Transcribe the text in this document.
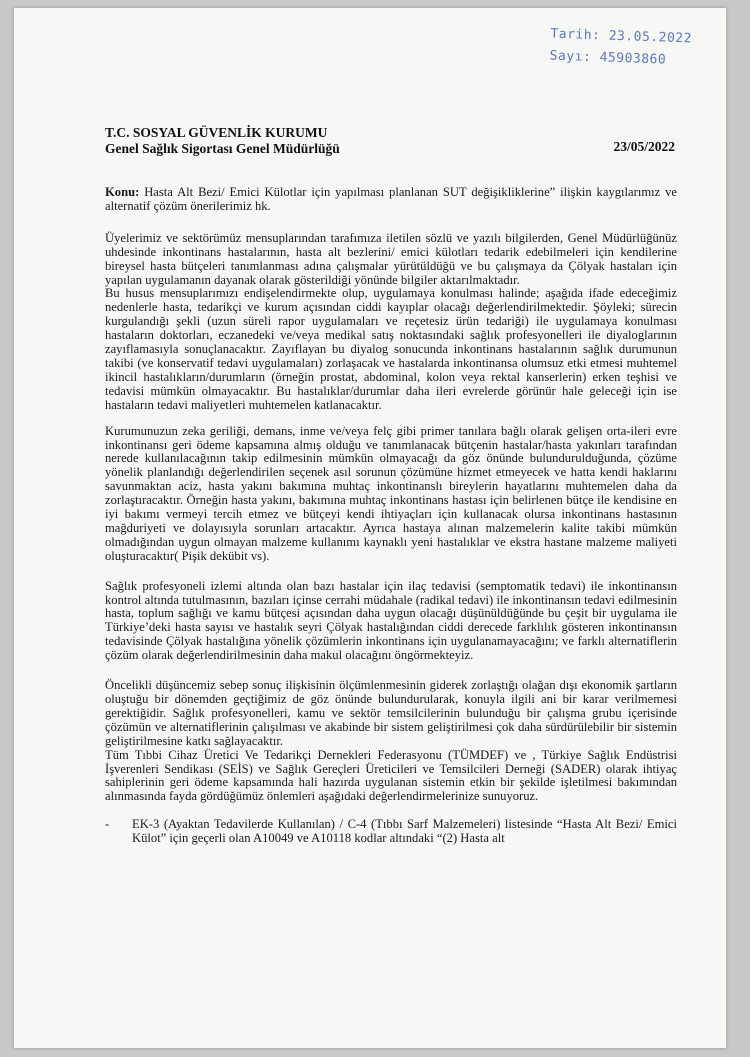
Tarih: 23.05.2022
Sayı: 45903860
T.C. SOSYAL GÜVENLİK KURUMU
Genel Sağlık Sigortası Genel Müdürlüğü	23/05/2022

Konu: Hasta Alt Bezi/ Emici Külotlar için yapılması planlanan SUT değişikliklerine” ilişkin kaygılarımız ve alternatif çözüm önerilerimiz hk.

Üyelerimiz ve sektörümüz mensuplarından tarafımıza iletilen sözlü ve yazılı bilgilerden, Genel Müdürlüğünüz uhdesinde inkontinans hastalarının, hasta alt bezlerini/ emici külotları tedarik edebilmeleri için kendilerine bireysel hasta bütçeleri tanımlanması adına çalışmalar yürütüldüğü ve bu çalışmaya da Çölyak hastaları için yapılan uygulamanın dayanak olarak gösterildiği yönünde bilgiler aktarılmaktadır.

Bu husus mensuplarımızı endişelendirmekte olup, uygulamaya konulması halinde; aşağıda ifade edeceğimiz nedenlerle hasta, tedarikçi ve kurum açısından ciddi kayıplar olacağı değerlendirilmektedir. Şöyleki; sürecin kurgulandığı şekli (uzun süreli rapor uygulamaları ve reçetesiz ürün tedariği) ile uygulamaya konulması hastaların doktorları, eczanedeki ve/veya medikal satış noktasındaki sağlık profesyonelleri ile diyaloglarının zayıflamasıyla sonuçlanacaktır. Zayıflayan bu diyalog sonucunda inkontinans hastalarının sağlık durumunun takibi (ve konservatif tedavi uygulamaları) zorlaşacak ve hastalarda inkontinansa olumsuz etki etmesi muhtemel ikincil hastalıkların/durumların (örneğin prostat, abdominal, kolon veya rektal kanserlerin) erken teşhisi ve tedavisi mümkün olmayacaktır. Bu hastalıklar/durumlar daha ileri evrelerde görünür hale geleceği için ise hastaların tedavi maliyetleri muhtemelen katlanacaktır.

Kurumunuzun zeka geriliği, demans, inme ve/veya felç gibi primer tanılara bağlı olarak gelişen orta-ileri evre inkontinansı geri ödeme kapsamına almış olduğu ve tanımlanacak bütçenin hastalar/hasta yakınları tarafından nerede kullanılacağının takip edilmesinin mümkün olmayacağı da göz önünde bulundurulduğunda, çözüme yönelik planlandığı değerlendirilen seçenek asıl sorunun çözümüne hizmet etmeyecek ve hatta kendi haklarını savunmaktan aciz, hasta yakını bakımına muhtaç inkontinanslı bireylerin hayatlarını muhtemelen daha da zorlaştıracaktır. Örneğin hasta yakını, bakımına muhtaç inkontinans hastası için belirlenen bütçe ile kendisine en iyi bakımı vermeyi tercih etmez ve bütçeyi kendi ihtiyaçları için kullanacak olursa inkontinans hastasının mağduriyeti ve dolayısıyla sorunları artacaktır. Ayrıca hastaya alınan malzemelerin kalite takibi mümkün olmadığından uygun olmayan malzeme kullanımı kaynaklı yeni hastalıklar ve ekstra hastane malzeme maliyeti oluşturacaktır( Pişik dekübit vs).

Sağlık profesyoneli izlemi altında olan bazı hastalar için ilaç tedavisi (semptomatik tedavi) ile inkontinansın kontrol altında tutulmasının, bazıları içinse cerrahi müdahale (radikal tedavi) ile inkontinansın tedavi edilmesinin hasta, toplum sağlığı ve kamu bütçesi açısından daha uygun olacağı düşünüldüğünde bu çeşit bir uygulama ile Türkiye’deki hasta sayısı ve hastalık seyri Çölyak hastalığından ciddi derecede farklılık gösteren inkontinansın tedavisinde Çölyak hastalığına yönelik çözümlerin inkontinans için uygulanamayacağını; ve farklı alternatiflerin çözüm olarak değerlendirilmesinin daha makul olacağını öngörmekteyiz.

Öncelikli düşüncemiz sebep sonuç ilişkisinin ölçümlenmesinin giderek zorlaştığı olağan dışı ekonomik şartların oluştuğu bir dönemden geçtiğimiz de göz önünde bulundurularak, konuyla ilgili ani bir karar verilmemesi gerektiğidir. Sağlık profesyonelleri, kamu ve sektör temsilcilerinin bulunduğu bir çalışma grubu içerisinde çözümün ve alternatiflerinin çalışılması ve akabinde bir sistem geliştirilmesi çok daha sürdürülebilir bir sistemin geliştirilmesine katkı sağlayacaktır.

Tüm Tıbbi Cihaz Üretici Ve Tedarikçi Dernekleri Federasyonu (TÜMDEF) ve , Türkiye Sağlık Endüstrisi İşverenleri Sendikası (SEİS) ve Sağlık Gereçleri Üreticileri ve Temsilcileri Derneği (SADER) olarak ihtiyaç sahiplerinin geri ödeme kapsamında hali hazırda uygulanan sistemin etkin bir şekilde işletilmesi bakımından alınmasında fayda gördüğümüz önlemleri aşağıdaki değerlendirmelerinize sunuyoruz.

- EK-3 (Ayaktan Tedavilerde Kullanılan) / C-4 (Tıbbı Sarf Malzemeleri) listesinde “Hasta Alt Bezi/ Emici Külot” için geçerli olan A10049 ve A10118 kodlar altındaki “(2) Hasta alt
